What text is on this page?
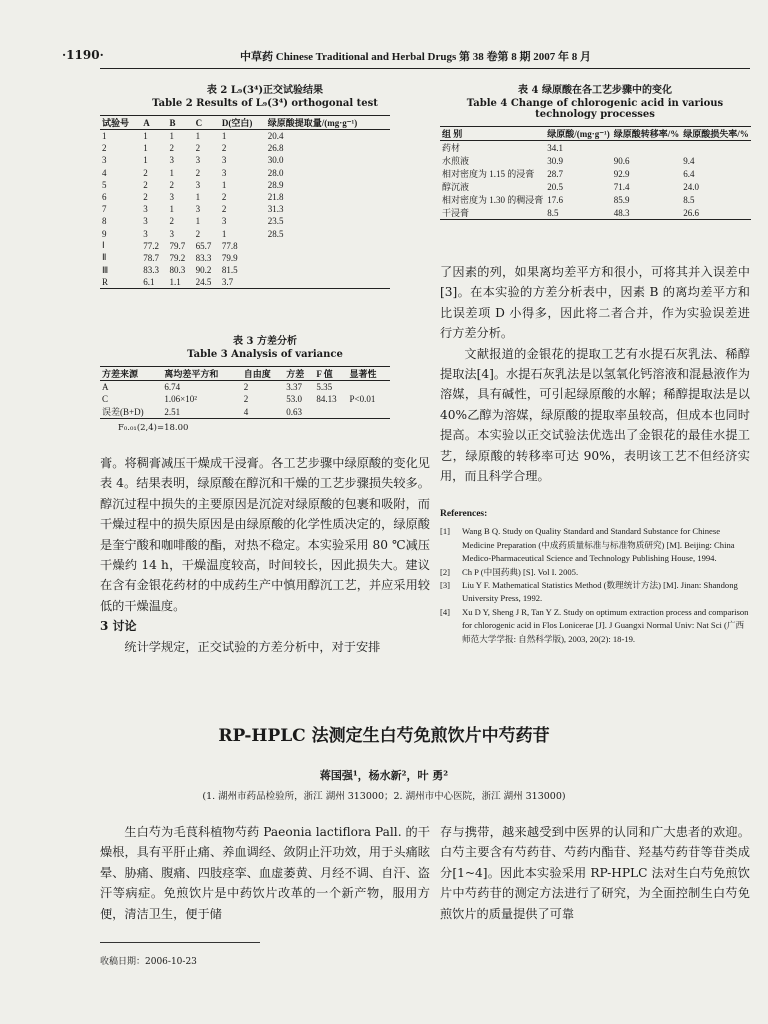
·1190·	中草药 Chinese Traditional and Herbal Drugs 第 38 卷第 8 期 2007 年 8 月
表 2 L₉(3⁴)正交试验结果
Table 2 Results of L₉(3⁴) orthogonal test
试验号	A	B	C	D(空白)	绿原酸提取量/(mg·g⁻¹)
1	1	1	1	1	20.4
2	1	2	2	2	26.8
3	1	3	3	3	30.0
4	2	1	2	3	28.0
5	2	2	3	1	28.9
6	2	3	1	2	21.8
7	3	1	3	2	31.3
8	3	2	1	3	23.5
9	3	3	2	1	28.5
Ⅰ	77.2	79.7	65.7	77.8	
Ⅱ	78.7	79.2	83.3	79.9	
Ⅲ	83.3	80.3	90.2	81.5	
R	6.1	1.1	24.5	3.7	
表 3 方差分析
Table 3 Analysis of variance
方差来源	离均差平方和	自由度	方差	F 值	显著性
A	6.74	2	3.37	5.35	
C	1.06×10²	2	53.0	84.13	P<0.01
误差(B+D)	2.51	4	0.63		
F₀.₀₁(2,4)=18.00

膏。将稠膏减压干燥成干浸膏。各工艺步骤中绿原酸的变化见表 4。结果表明，绿原酸在醇沉和干燥的工艺步骤损失较多。醇沉过程中损失的主要原因是沉淀对绿原酸的包裹和吸附，而干燥过程中的损失原因是由绿原酸的化学性质决定的，绿原酸是奎宁酸和咖啡酸的酯，对热不稳定。本实验采用 80 ℃减压干燥约 14 h，干燥温度较高，时间较长，因此损失大。建议在含有金银花药材的中成药生产中慎用醇沉工艺，并应采用较低的干燥温度。

3 讨论

统计学规定，正交试验的方差分析中，对于安排

表 4 绿原酸在各工艺步骤中的变化
Table 4 Change of chlorogenic acid in various
technology processes
组 别	绿原酸/(mg·g⁻¹)	绿原酸转移率/%	绿原酸损失率/%
药材	34.1		
水煎液	30.9	90.6	9.4
相对密度为 1.15 的浸膏	28.7	92.9	6.4
醇沉液	20.5	71.4	24.0
相对密度为 1.30 的稠浸膏	17.6	85.9	8.5
干浸膏	8.5	48.3	26.6

了因素的列，如果离均差平方和很小，可将其并入误差中[3]。在本实验的方差分析表中，因素 B 的离均差平方和比误差项 D 小得多，因此将二者合并，作为实验误差进行方差分析。

文献报道的金银花的提取工艺有水提石灰乳法、稀醇提取法[4]。水提石灰乳法是以氢氧化钙溶液和混悬液作为溶媒，具有碱性，可引起绿原酸的水解；稀醇提取法是以 40%乙醇为溶媒，绿原酸的提取率虽较高，但成本也同时提高。本实验以正交试验法优选出了金银花的最佳水提工艺，绿原酸的转移率可达 90%，表明该工艺不但经济实用，而且科学合理。

References:
[1]	Wang B Q. Study on Quality Standard and Standard Substance for Chinese Medicine Preparation (中成药质量标准与标准物质研究) [M]. Beijing: China Medico-Pharmaceutical Science and Technology Publishing House, 1994.
[2]	Ch P (中国药典) [S]. Vol I. 2005.
[3]	Liu Y F. Mathematical Statistics Method (数理统计方法) [M]. Jinan: Shandong University Press, 1992.
[4]	Xu D Y, Sheng J R, Tan Y Z. Study on optimum extraction process and comparison for chlorogenic acid in Flos Lonicerae [J]. J Guangxi Normal Univ: Nat Sci (广西师范大学学报: 自然科学版), 2003, 20(2): 18-19.
RP-HPLC 法测定生白芍免煎饮片中芍药苷
蒋国强¹，杨水新²，叶 勇²
(1. 湖州市药品检验所，浙江 湖州 313000；2. 湖州市中心医院，浙江 湖州 313000)

生白芍为毛茛科植物芍药 Paeonia lactiflora Pall. 的干燥根，具有平肝止痛、养血调经、敛阴止汗功效，用于头痛眩晕、胁痛、腹痛、四肢痉挛、血虚萎黄、月经不调、自汗、盗汗等病症。免煎饮片是中药饮片改革的一个新产物，服用方便，清洁卫生，便于储

存与携带，越来越受到中医界的认同和广大患者的欢迎。白芍主要含有芍药苷、芍药内酯苷、羟基芍药苷等苷类成分[1~4]。因此本实验采用 RP-HPLC 法对生白芍免煎饮片中芍药苷的测定方法进行了研究，为全面控制生白芍免煎饮片的质量提供了可靠

收稿日期：2006-10-23
